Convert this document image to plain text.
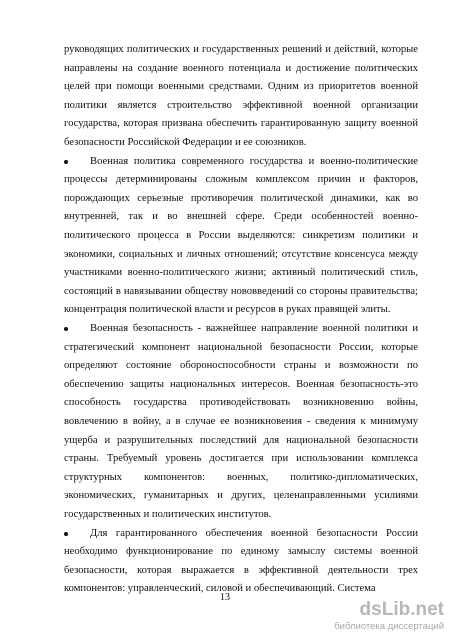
руководящих политических и государственных решений и действий, которые
направлены на создание военного потенциала и достижение политических
целей при помощи военными средствами. Одним из приоритетов военной
политики является строительство эффективной военной организации
государства, которая призвана обеспечить гарантированную защиту военной
безопасности Российской Федерации и ее союзников.
Военная политика современного государства и военно-политические
процессы детерминированы сложным комплексом причин и факторов,
порождающих серьезные противоречия политической динамики, как во
внутренней, так и во внешней сфере. Среди особенностей военно-
политического процесса в России выделяются: синкретизм политики и
экономики, социальных и личных отношений; отсутствие консенсуса между
участниками военно-политического жизни; активный политический стиль,
состоящий в навязывании обществу нововведений со стороны правительства;
концентрация политической власти и ресурсов в руках правящей элиты.
Военная безопасность - важнейшее направление военной политики и
стратегический компонент национальной безопасности России, которые
определяют состояние обороноспособности страны и возможности по
обеспечению защиты национальных интересов. Военная безопасность-это
способность государства противодействовать возникновению войны,
вовлечению в войну, а в случае ее возникновения - сведения к минимуму
ущерба и разрушительных последствий для национальной безопасности
страны. Требуемый уровень достигается при использовании комплекса
структурных компонентов: военных, политико-дипломатических,
экономических, гуманитарных и других, целенаправленными усилиями
государственных и политических институтов.
Для гарантированного обеспечения военной безопасности России
необходимо функционирование по единому замыслу системы военной
безопасности, которая выражается в эффективной деятельности трех
компонентов: управленческий, силовой и обеспечивающий. Система
13
dsLib.net
библиотека диссертаций
